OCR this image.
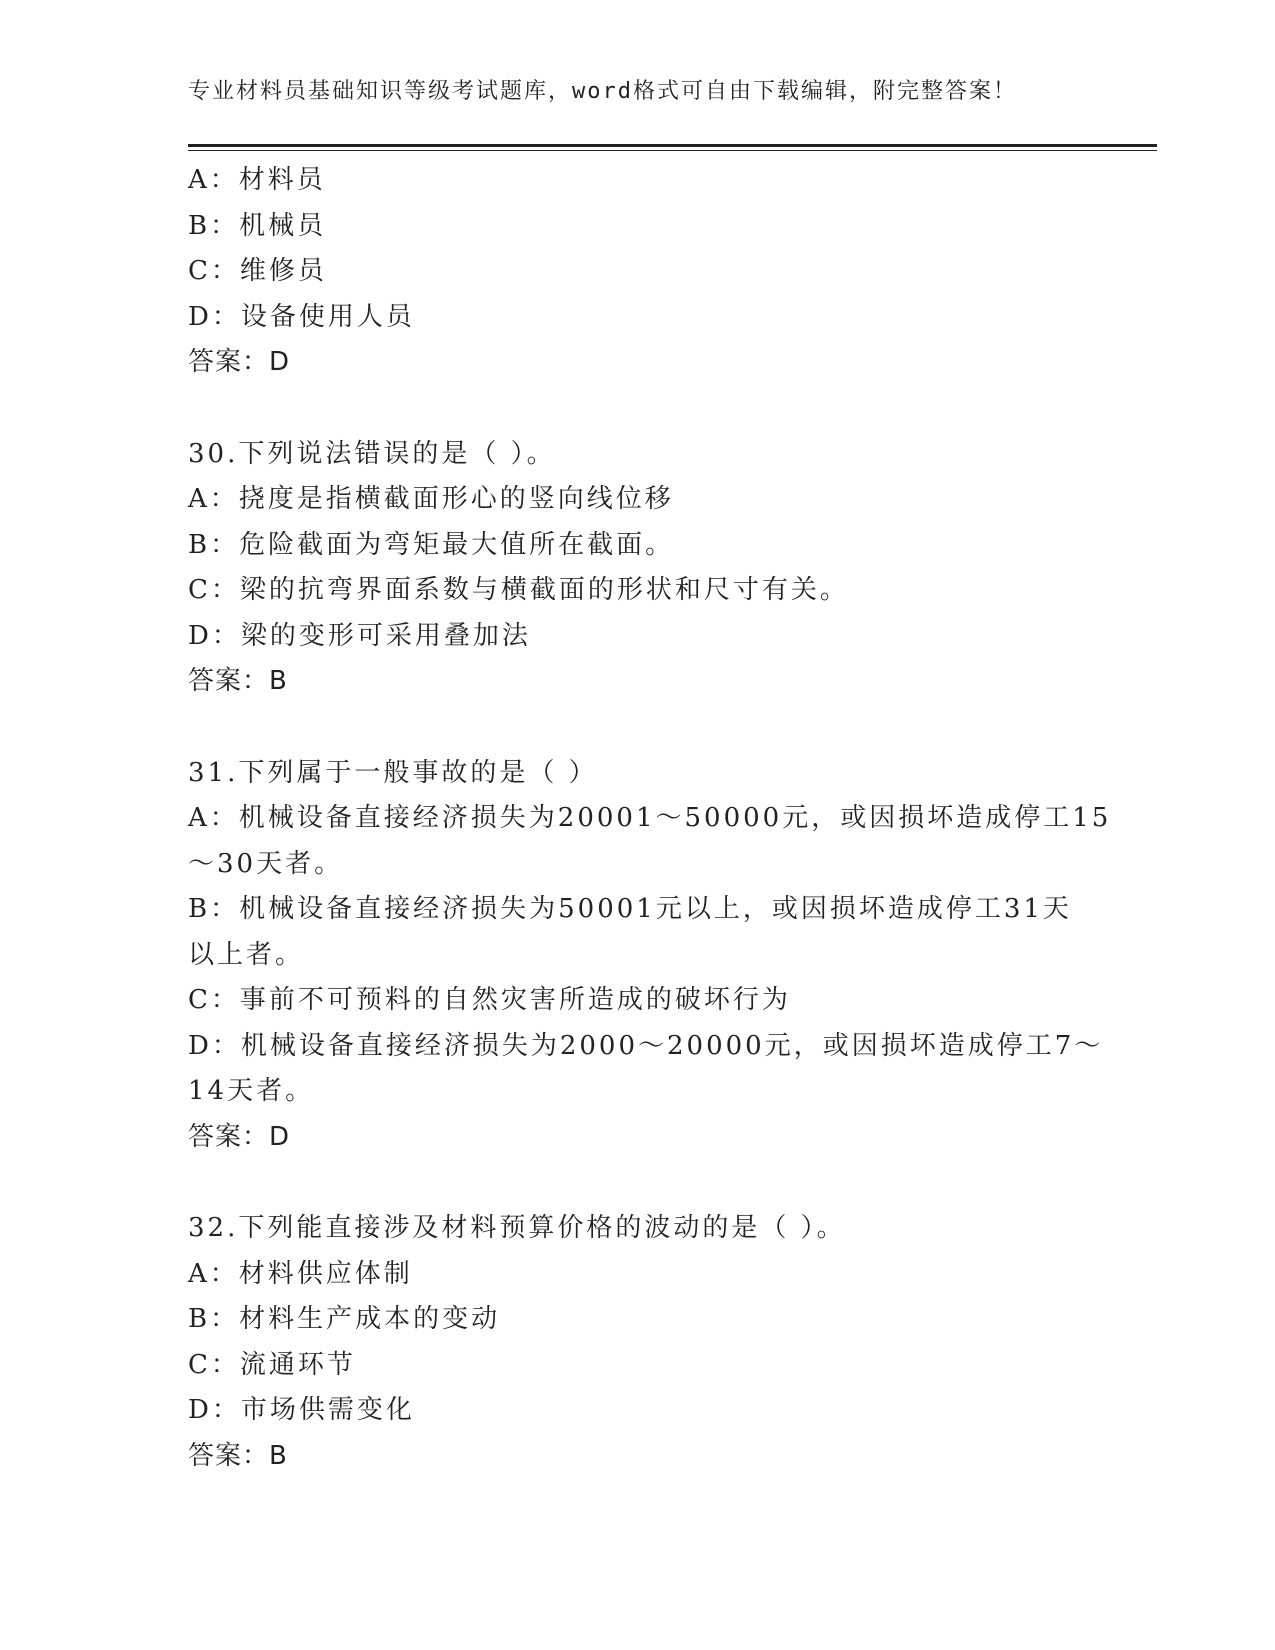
专业材料员基础知识等级考试题库，word格式可自由下载编辑，附完整答案！
A：材料员
B：机械员
C：维修员
D：设备使用人员
答案：D
30.下列说法错误的是（ ）。
A：挠度是指横截面形心的竖向线位移
B：危险截面为弯矩最大值所在截面。
C：梁的抗弯界面系数与横截面的形状和尺寸有关。
D：梁的变形可采用叠加法
答案：B
31.下列属于一般事故的是（ ）
A：机械设备直接经济损失为20001～50000元，或因损坏造成停工15
～30天者。
B：机械设备直接经济损失为50001元以上，或因损坏造成停工31天
以上者。
C：事前不可预料的自然灾害所造成的破坏行为
D：机械设备直接经济损失为2000～20000元，或因损坏造成停工7～
14天者。
答案：D
32.下列能直接涉及材料预算价格的波动的是（ ）。
A：材料供应体制
B：材料生产成本的变动
C：流通环节
D：市场供需变化
答案：B
